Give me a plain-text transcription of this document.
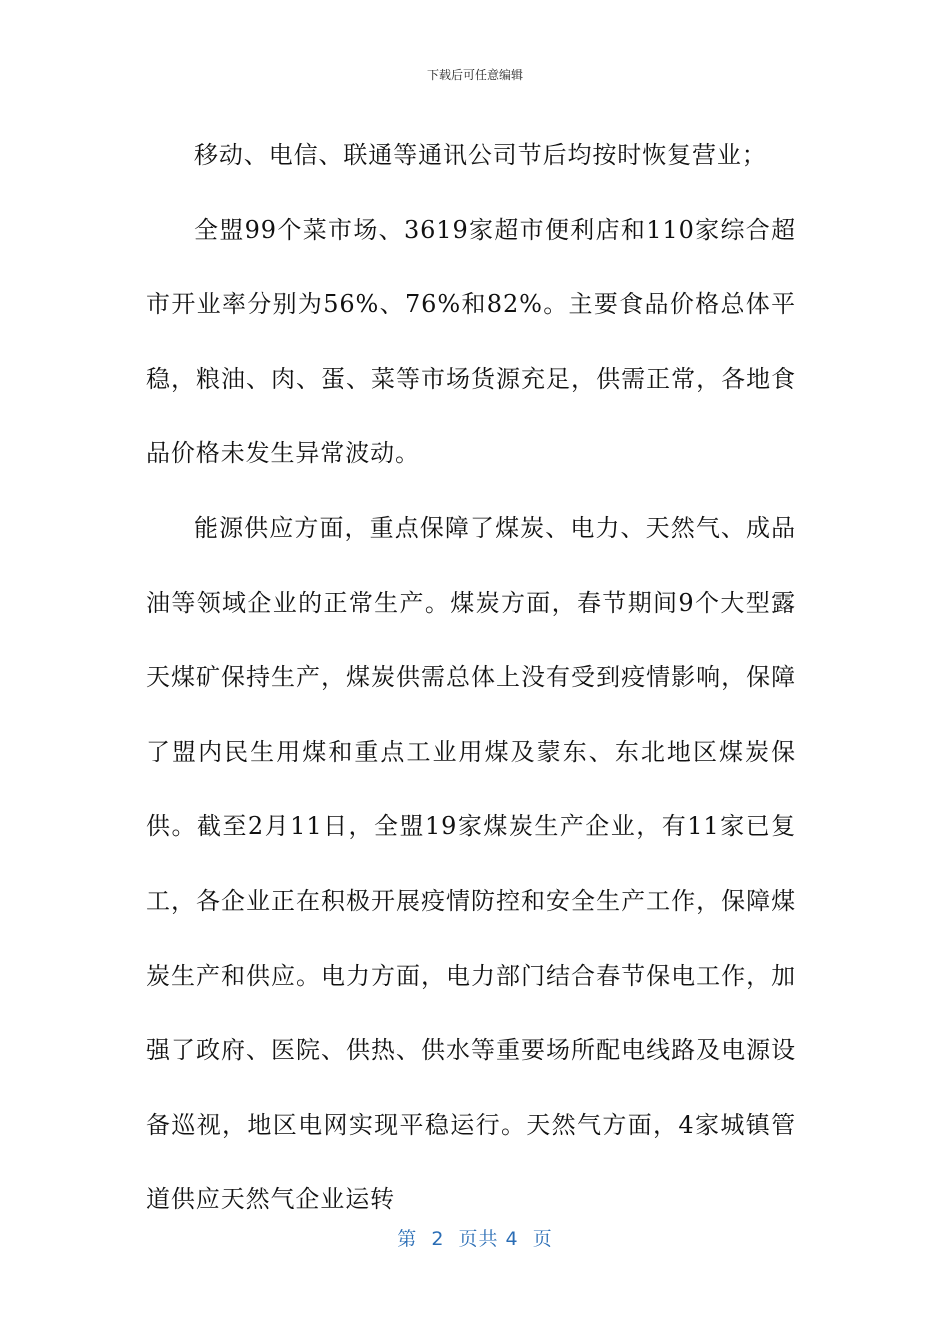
下载后可任意编辑

移动、电信、联通等通讯公司节后均按时恢复营业；

全盟99个菜市场、3619家超市便利店和110家综合超市开业率分别为56%、76%和82%。主要食品价格总体平稳，粮油、肉、蛋、菜等市场货源充足，供需正常，各地食品价格未发生异常波动。

能源供应方面，重点保障了煤炭、电力、天然气、成品油等领域企业的正常生产。煤炭方面，春节期间9个大型露天煤矿保持生产，煤炭供需总体上没有受到疫情影响，保障了盟内民生用煤和重点工业用煤及蒙东、东北地区煤炭保供。截至2月11日，全盟19家煤炭生产企业，有11家已复工，各企业正在积极开展疫情防控和安全生产工作，保障煤炭生产和供应。电力方面，电力部门结合春节保电工作，加强了政府、医院、供热、供水等重要场所配电线路及电源设备巡视，地区电网实现平稳运行。天然气方面，4家城镇管道供应天然气企业运转

第  2  页共 4  页
